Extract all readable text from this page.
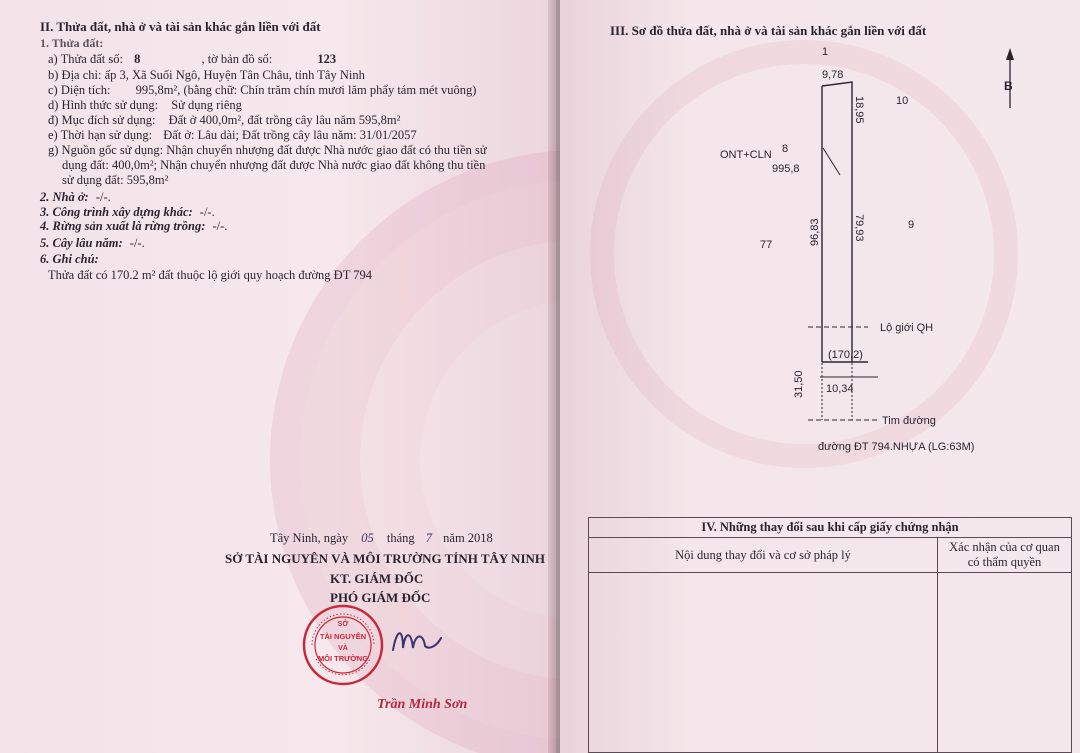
II. Thửa đất, nhà ở và tài sản khác gắn liền với đất
1. Thửa đất:
a) Thửa đất số: 8	, tờ bản đồ số:	123
b) Địa chỉ: ấp 3, Xã Suối Ngô, Huyện Tân Châu, tỉnh Tây Ninh
c) Diện tích: 995,8m², (bằng chữ: Chín trăm chín mươi lăm phẩy tám mét vuông)
d) Hình thức sử dụng: Sử dụng riêng
đ) Mục đích sử dụng: Đất ở 400,0m², đất trồng cây lâu năm 595,8m²
e) Thời hạn sử dụng: Đất ở: Lâu dài; Đất trồng cây lâu năm: 31/01/2057
g) Nguồn gốc sử dụng: Nhận chuyển nhượng đất được Nhà nước giao đất có thu tiền sử
dụng đất: 400,0m²; Nhận chuyển nhượng đất được Nhà nước giao đất không thu tiền
sử dụng đất: 595,8m²
2. Nhà ở: -/-.
3. Công trình xây dựng khác: -/-.
4. Rừng sản xuất là rừng trồng: -/-.
5. Cây lâu năm: -/-.
6. Ghi chú:
Thửa đất có 170.2 m² đất thuộc lộ giới quy hoạch đường ĐT 794
Tây Ninh, ngày 05 tháng 7 năm 2018
SỞ TÀI NGUYÊN VÀ MÔI TRƯỜNG TỈNH TÂY NINH
KT. GIÁM ĐỐC
PHÓ GIÁM ĐỐC
SỞ
TÀI NGUYÊN
VÀ
MÔI TRƯỜNG
Trần Minh Sơn
III. Sơ đồ thửa đất, nhà ở và tài sản khác gắn liền với đất
1
9,78
18,95	10
ONT+CLN 8
995,8
96,83	79,93	9
77
Lộ giới QH
(170,2)
31,50 10,34
Tim đường
đường ĐT 794.NHỰA (LG:63M)
B
IV. Những thay đổi sau khi cấp giấy chứng nhận	
Nội dung thay đổi và cơ sở pháp lý	Xác nhận của cơ quan
có thẩm quyền
